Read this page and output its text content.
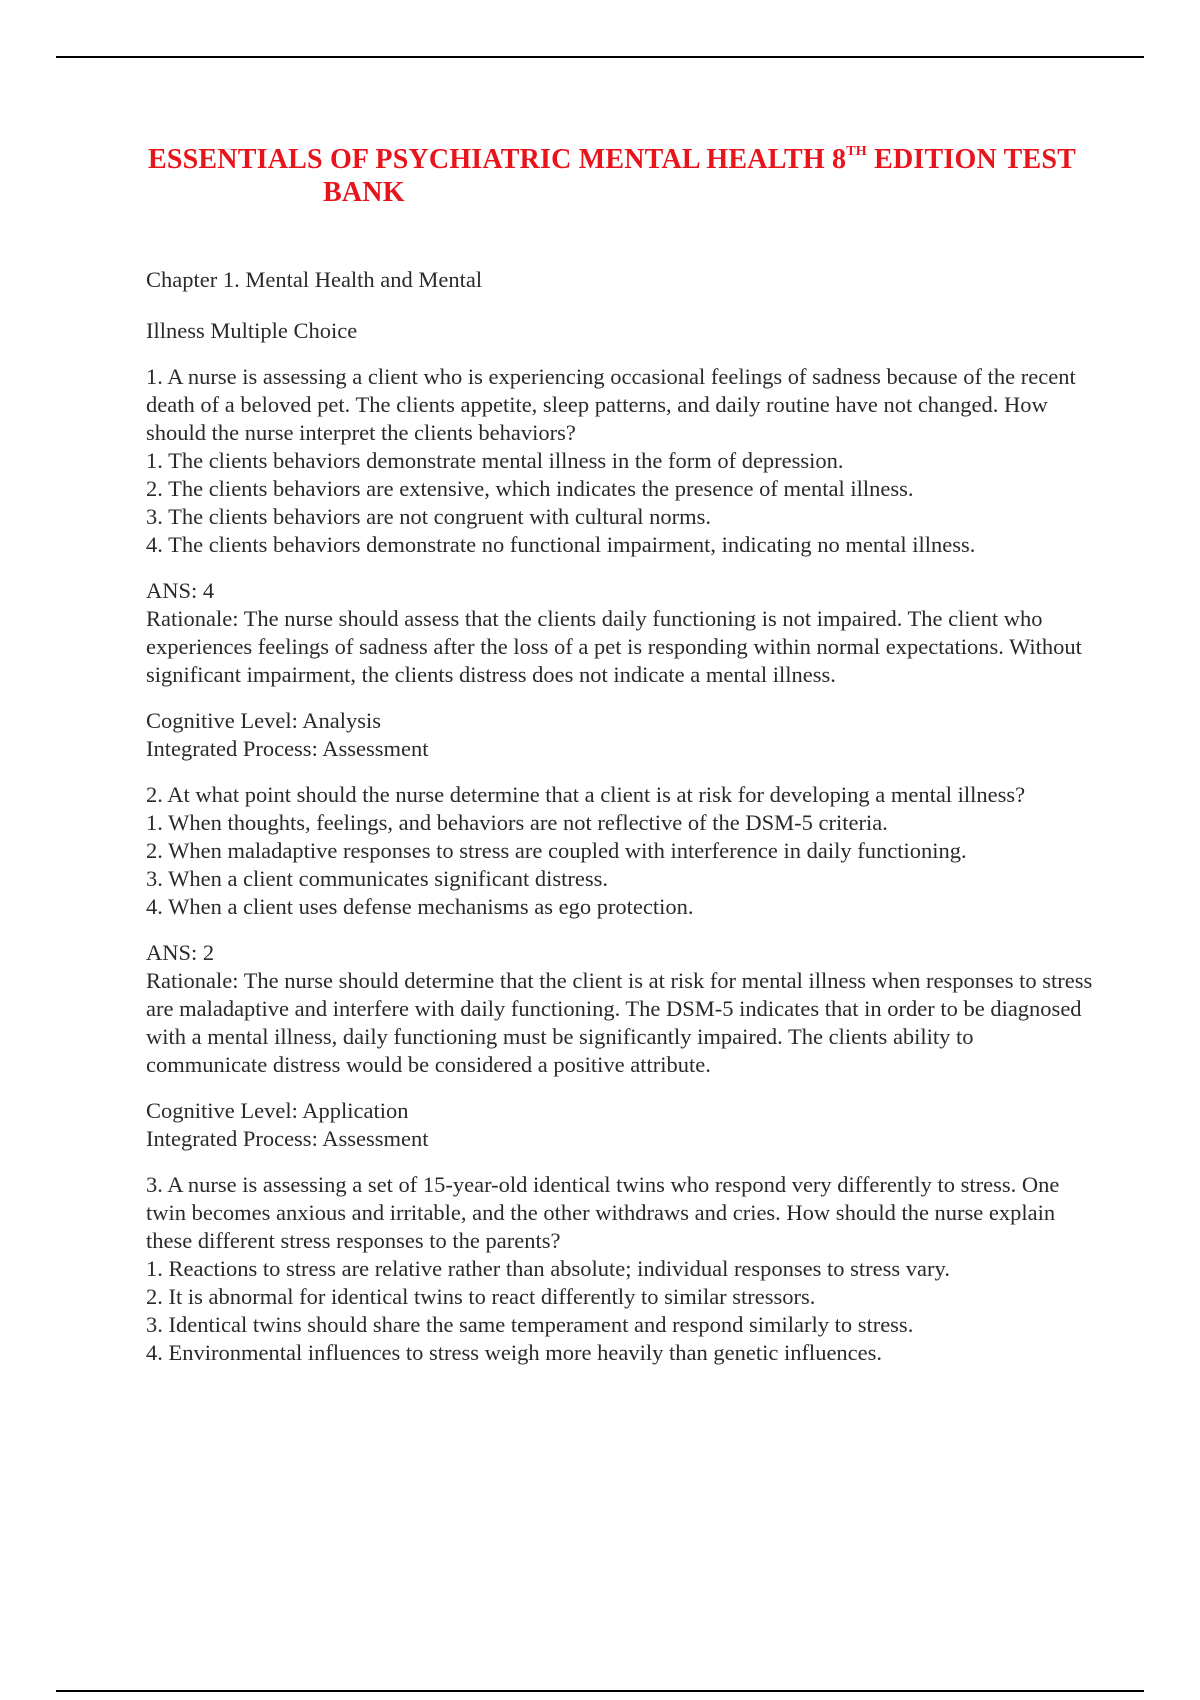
ESSENTIALS OF PSYCHIATRIC MENTAL HEALTH 8TH EDITION TEST
BANK

Chapter 1. Mental Health and Mental

Illness Multiple Choice

1. A nurse is assessing a client who is experiencing occasional feelings of sadness because of the recent death of a beloved pet. The clients appetite, sleep patterns, and daily routine have not changed. How should the nurse interpret the clients behaviors?
1. The clients behaviors demonstrate mental illness in the form of depression.
2. The clients behaviors are extensive, which indicates the presence of mental illness.
3. The clients behaviors are not congruent with cultural norms.
4. The clients behaviors demonstrate no functional impairment, indicating no mental illness.

ANS: 4
Rationale: The nurse should assess that the clients daily functioning is not impaired. The client who experiences feelings of sadness after the loss of a pet is responding within normal expectations. Without significant impairment, the clients distress does not indicate a mental illness.

Cognitive Level: Analysis
Integrated Process: Assessment

2. At what point should the nurse determine that a client is at risk for developing a mental illness?
1. When thoughts, feelings, and behaviors are not reflective of the DSM-5 criteria.
2. When maladaptive responses to stress are coupled with interference in daily functioning.
3. When a client communicates significant distress.
4. When a client uses defense mechanisms as ego protection.

ANS: 2
Rationale: The nurse should determine that the client is at risk for mental illness when responses to stress are maladaptive and interfere with daily functioning. The DSM-5 indicates that in order to be diagnosed with a mental illness, daily functioning must be significantly impaired. The clients ability to communicate distress would be considered a positive attribute.

Cognitive Level: Application
Integrated Process: Assessment

3. A nurse is assessing a set of 15-year-old identical twins who respond very differently to stress. One twin becomes anxious and irritable, and the other withdraws and cries. How should the nurse explain these different stress responses to the parents?
1. Reactions to stress are relative rather than absolute; individual responses to stress vary.
2. It is abnormal for identical twins to react differently to similar stressors.
3. Identical twins should share the same temperament and respond similarly to stress.
4. Environmental influences to stress weigh more heavily than genetic influences.
